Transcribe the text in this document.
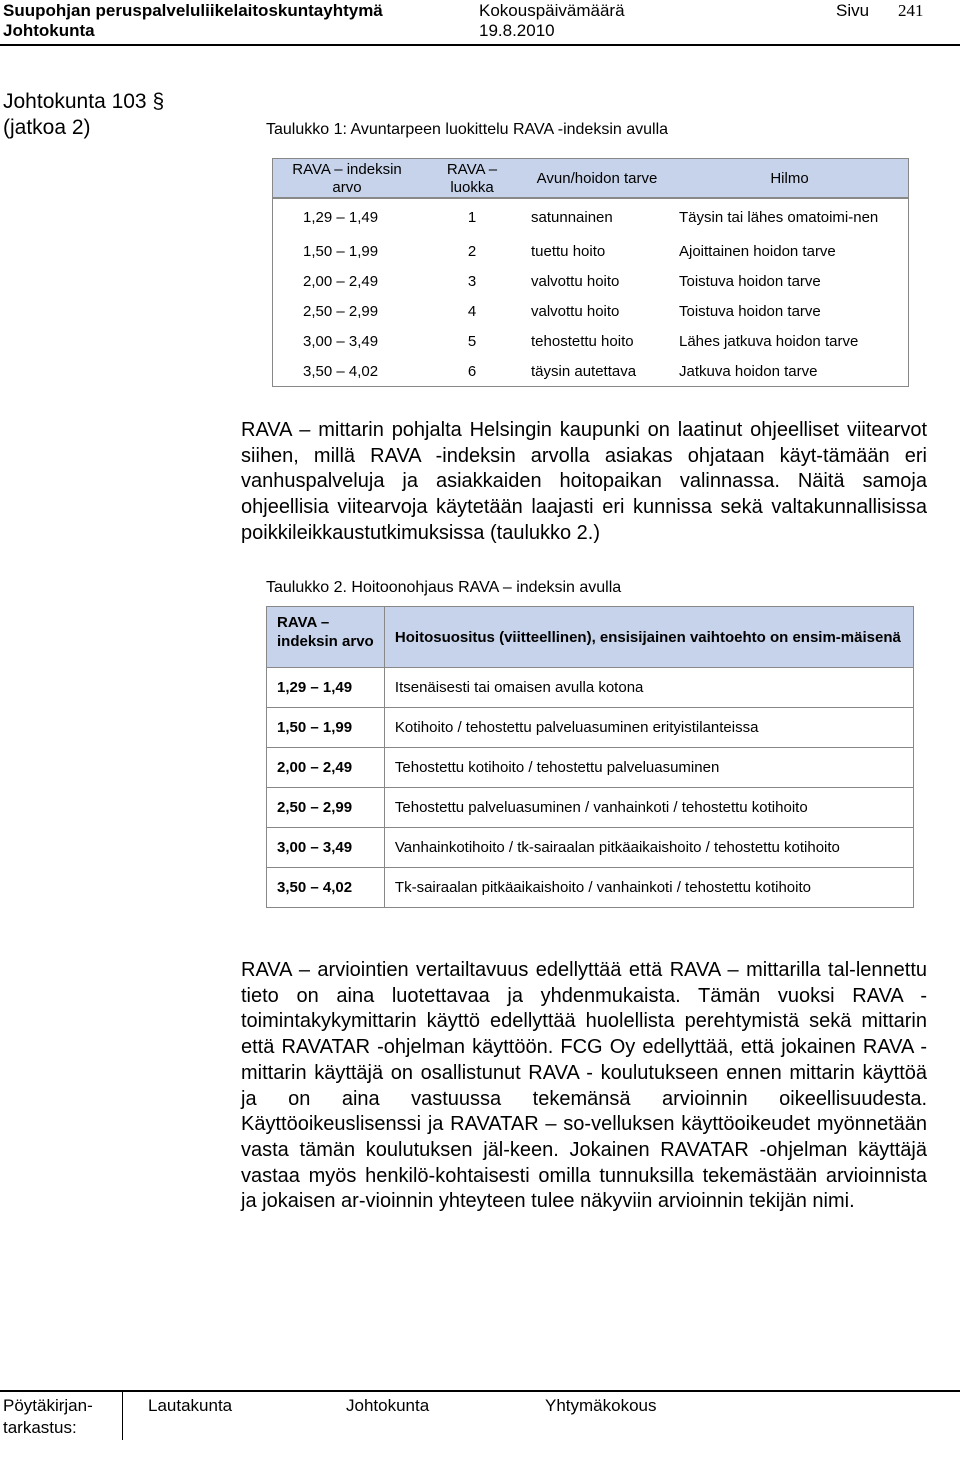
Suupohjan peruspalveluliikelaitoskuntayhtymä	Kokouspäivämäärä	Sivu 241
Johtokunta	19.8.2010
Johtokunta 103 §
(jatkoa 2)	Taulukko 1: Avuntarpeen luokittelu RAVA -indeksin avulla
RAVA – indeksin arvo	RAVA – luokka	Avun/hoidon tarve	Hilmo
1,29 – 1,49	1	satunnainen	Täysin tai lähes omatoimi-nen
1,50 – 1,99	2	tuettu hoito	Ajoittainen hoidon tarve
2,00 – 2,49	3	valvottu hoito	Toistuva hoidon tarve
2,50 – 2,99	4	valvottu hoito	Toistuva hoidon tarve
3,00 – 3,49	5	tehostettu hoito	Lähes jatkuva hoidon tarve
3,50 – 4,02	6	täysin autettava	Jatkuva hoidon tarve
RAVA – mittarin pohjalta Helsingin kaupunki on laatinut ohjeelliset viitearvot siihen, millä RAVA -indeksin arvolla asiakas ohjataan käyt-tämään eri vanhuspalveluja ja asiakkaiden hoitopaikan valinnassa. Näitä samoja ohjeellisia viitearvoja käytetään laajasti eri kunnissa sekä valtakunnallisissa poikkileikkaustutkimuksissa (taulukko 2.)
Taulukko 2. Hoitoonohjaus RAVA – indeksin avulla
RAVA – indeksin arvo	Hoitosuositus (viitteellinen), ensisijainen vaihtoehto on ensim-mäisenä
1,29 – 1,49	Itsenäisesti tai omaisen avulla kotona
1,50 – 1,99	Kotihoito / tehostettu palveluasuminen erityistilanteissa
2,00 – 2,49	Tehostettu kotihoito / tehostettu palveluasuminen
2,50 – 2,99	Tehostettu palveluasuminen / vanhainkoti / tehostettu kotihoito
3,00 – 3,49	Vanhainkotihoito / tk-sairaalan pitkäaikaishoito / tehostettu kotihoito
3,50 – 4,02	Tk-sairaalan pitkäaikaishoito / vanhainkoti / tehostettu kotihoito
RAVA – arviointien vertailtavuus edellyttää että RAVA – mittarilla tal-lennettu tieto on aina luotettavaa ja yhdenmukaista. Tämän vuoksi RAVA -toimintakykymittarin käyttö edellyttää huolellista perehtymistä sekä mittarin että RAVATAR -ohjelman käyttöön. FCG Oy edellyttää, että jokainen RAVA -mittarin käyttäjä on osallistunut RAVA - koulutukseen ennen mittarin käyttöä ja on aina vastuussa tekemänsä arvioinnin oikeellisuudesta. Käyttöoikeuslisenssi ja RAVATAR – so-velluksen käyttöoikeudet myönnetään vasta tämän koulutuksen jäl-keen. Jokainen RAVATAR -ohjelman käyttäjä vastaa myös henkilö-kohtaisesti omilla tunnuksilla tekemästään arvioinnista ja jokaisen ar-vioinnin yhteyteen tulee näkyviin arvioinnin tekijän nimi.
Pöytäkirjan-
tarkastus:
Lautakunta	Johtokunta	Yhtymäkokous
